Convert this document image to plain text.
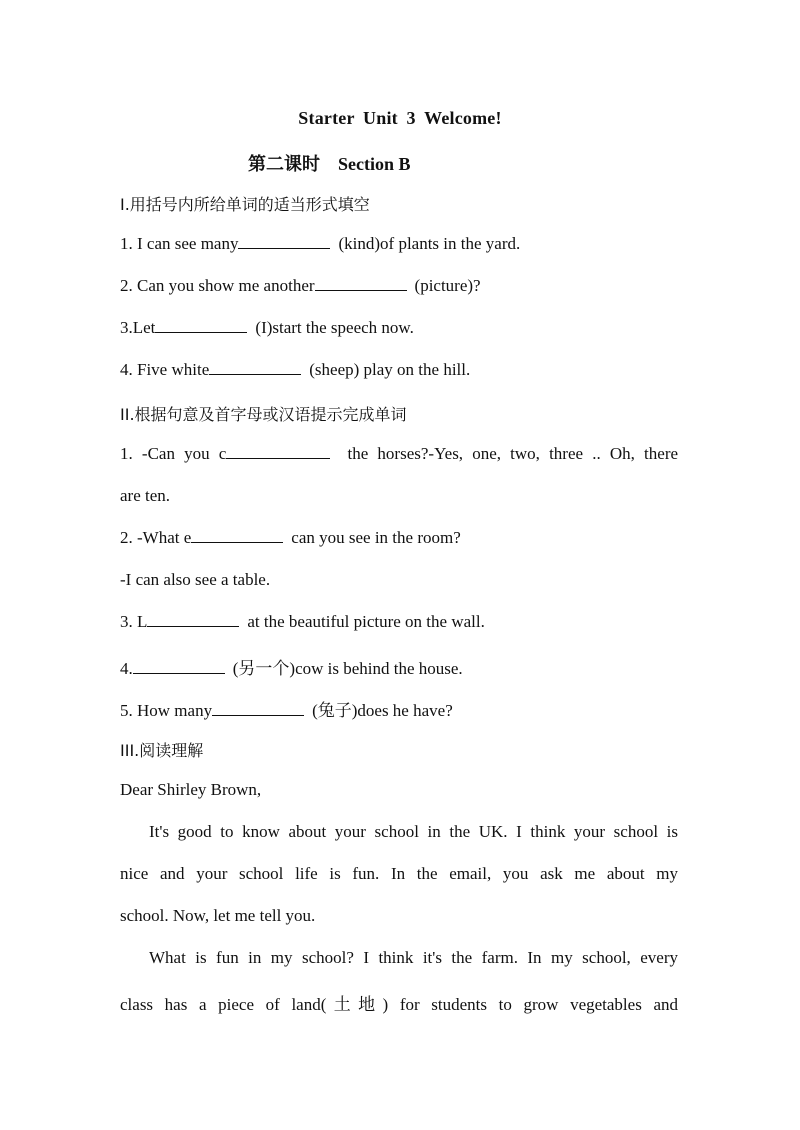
Starter Unit 3 Welcome!
第二课时 Section B
I.用括号内所给单词的适当形式填空
1. I can see many	(kind)of plants in the yard.
2. Can you show me another	(picture)?
3.Let	(I)start the speech now.
4. Five white	(sheep) play on the hill.
II.根据句意及首字母或汉语提示完成单词
1. -Can you c	the horses?-Yes, one, two, three .. Oh, there
are ten.
2. -What e	can you see in the room?
-I can also see a table.
3. L	at the beautiful picture on the wall.
4.	(另一个)cow is behind the house.
5. How many	(兔子)does he have?
III.阅读理解
Dear Shirley Brown,
It's good to know about your school in the UK. I think your school is
nice and your school life is fun. In the email, you ask me about my
school. Now, let me tell you.
What is fun in my school? I think it's the farm. In my school, every
class has a piece of land(土地) for students to grow vegetables and
